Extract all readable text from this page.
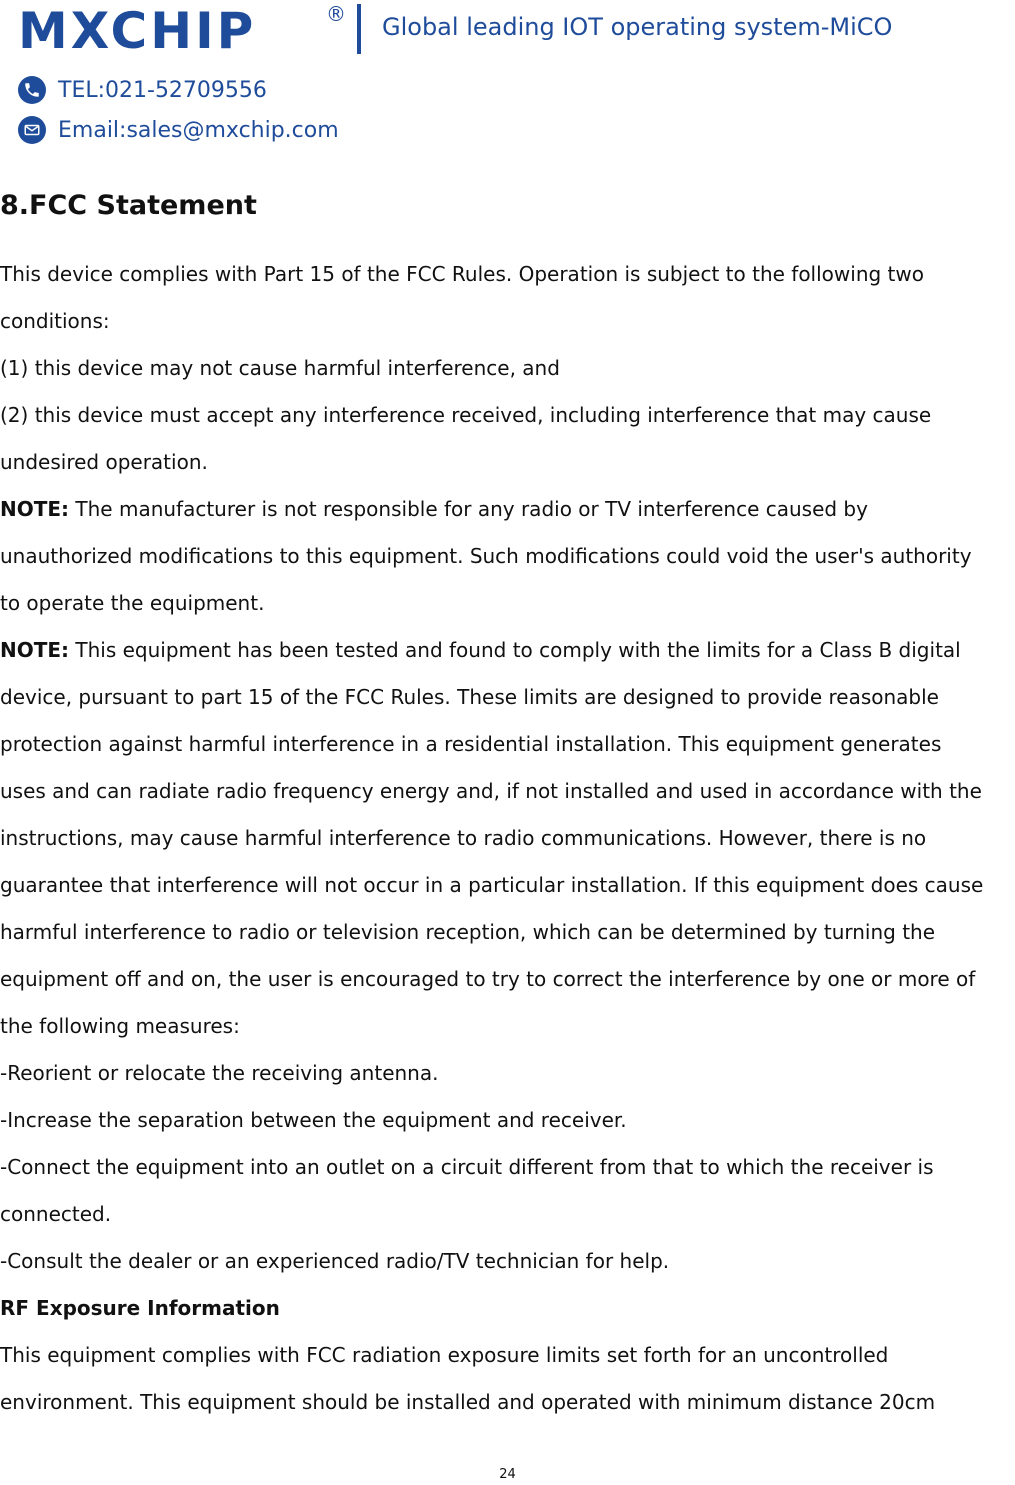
MXCHIP	® Global leading IOT operating system-MiCO
TEL:021-52709556
Email:sales@mxchip.com
8.FCC Statement

This device complies with Part 15 of the FCC Rules. Operation is subject to the following two

conditions:

(1) this device may not cause harmful interference, and

(2) this device must accept any interference received, including interference that may cause

undesired operation.

NOTE: The manufacturer is not responsible for any radio or TV interference caused by

unauthorized modifications to this equipment. Such modifications could void the user's authority

to operate the equipment.

NOTE: This equipment has been tested and found to comply with the limits for a Class B digital

device, pursuant to part 15 of the FCC Rules. These limits are designed to provide reasonable

protection against harmful interference in a residential installation. This equipment generates

uses and can radiate radio frequency energy and, if not installed and used in accordance with the

instructions, may cause harmful interference to radio communications. However, there is no

guarantee that interference will not occur in a particular installation. If this equipment does cause

harmful interference to radio or television reception, which can be determined by turning the

equipment off and on, the user is encouraged to try to correct the interference by one or more of

the following measures:

-Reorient or relocate the receiving antenna.

-Increase the separation between the equipment and receiver.

-Connect the equipment into an outlet on a circuit different from that to which the receiver is

connected.

-Consult the dealer or an experienced radio/TV technician for help.

RF Exposure Information

This equipment complies with FCC radiation exposure limits set forth for an uncontrolled

environment. This equipment should be installed and operated with minimum distance 20cm

24
